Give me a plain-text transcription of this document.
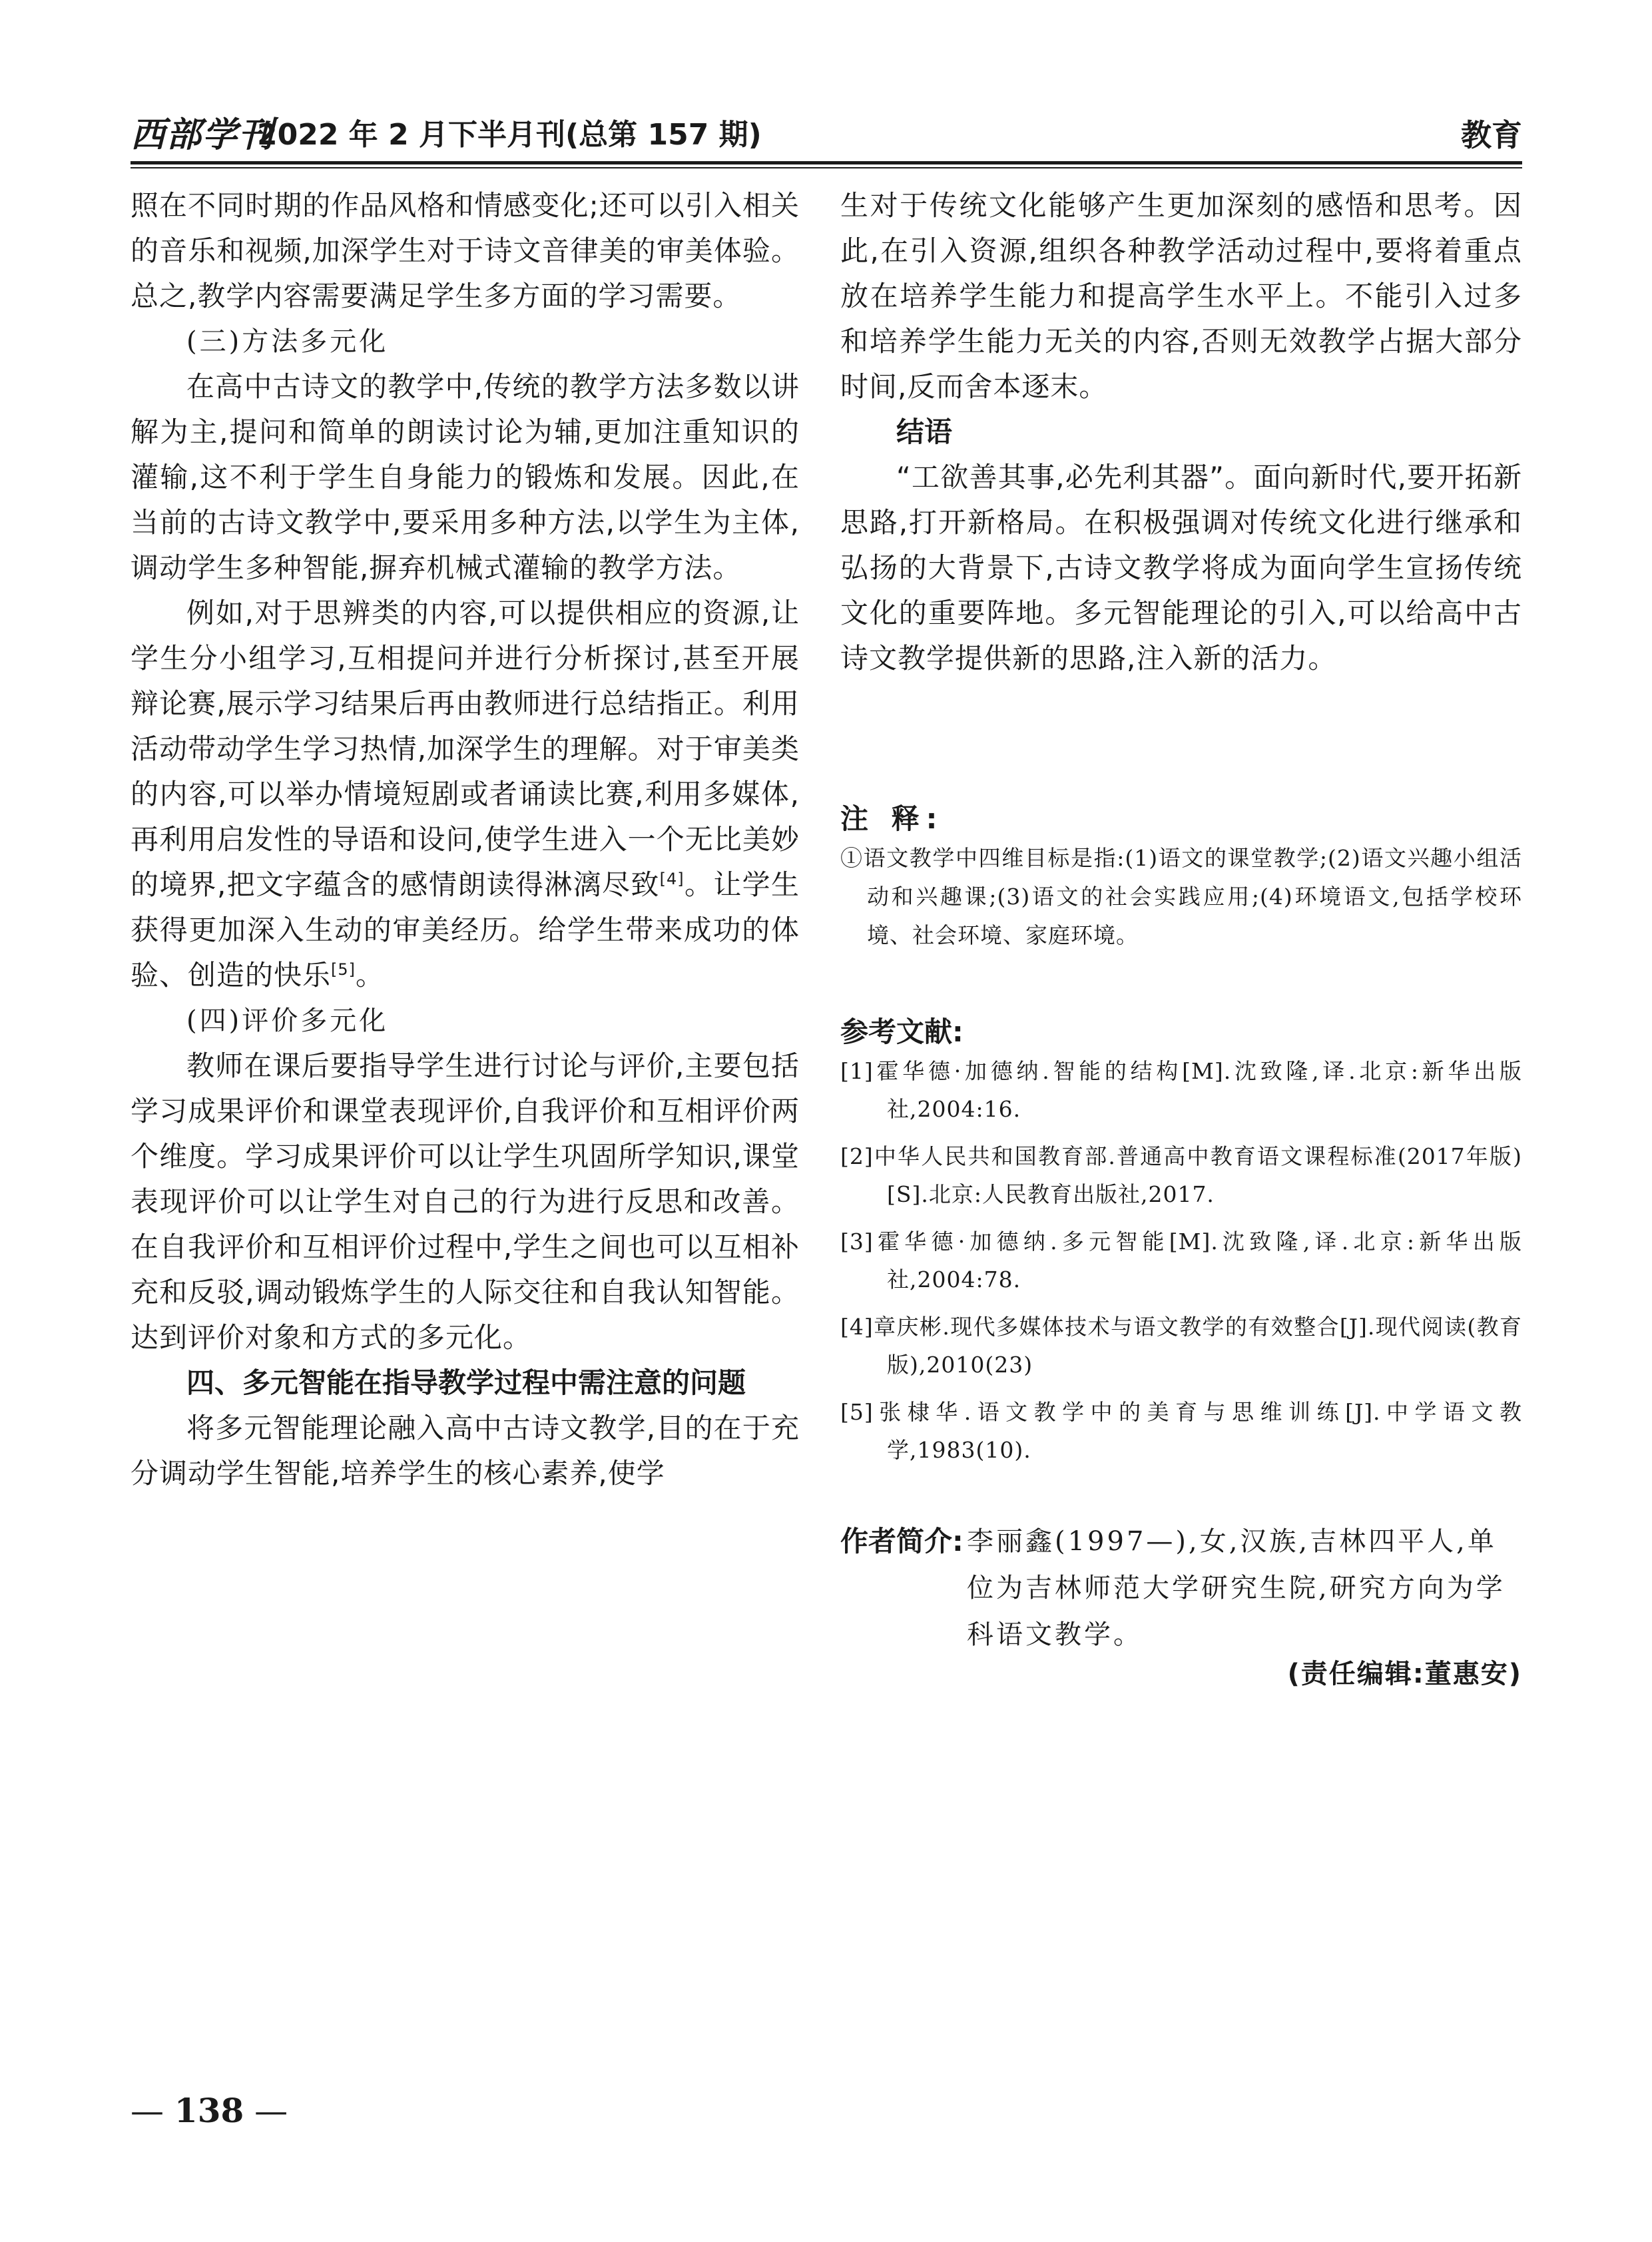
西部学刊
2022 年 2 月下半月刊(总第 157 期)	教育

照在不同时期的作品风格和情感变化;还可以引入相关的音乐和视频,加深学生对于诗文音律美的审美体验。总之,教学内容需要满足学生多方面的学习需要。

(三)方法多元化

在高中古诗文的教学中,传统的教学方法多数以讲解为主,提问和简单的朗读讨论为辅,更加注重知识的灌输,这不利于学生自身能力的锻炼和发展。因此,在当前的古诗文教学中,要采用多种方法,以学生为主体,调动学生多种智能,摒弃机械式灌输的教学方法。

例如,对于思辨类的内容,可以提供相应的资源,让学生分小组学习,互相提问并进行分析探讨,甚至开展辩论赛,展示学习结果后再由教师进行总结指正。利用活动带动学生学习热情,加深学生的理解。对于审美类的内容,可以举办情境短剧或者诵读比赛,利用多媒体,再利用启发性的导语和设问,使学生进入一个无比美妙的境界,把文字蕴含的感情朗读得淋漓尽致[4]。让学生获得更加深入生动的审美经历。给学生带来成功的体验、创造的快乐[5]。

(四)评价多元化

教师在课后要指导学生进行讨论与评价,主要包括学习成果评价和课堂表现评价,自我评价和互相评价两个维度。学习成果评价可以让学生巩固所学知识,课堂表现评价可以让学生对自己的行为进行反思和改善。在自我评价和互相评价过程中,学生之间也可以互相补充和反驳,调动锻炼学生的人际交往和自我认知智能。达到评价对象和方式的多元化。

四、多元智能在指导教学过程中需注意的问题

将多元智能理论融入高中古诗文教学,目的在于充分调动学生智能,培养学生的核心素养,使学

生对于传统文化能够产生更加深刻的感悟和思考。因此,在引入资源,组织各种教学活动过程中,要将着重点放在培养学生能力和提高学生水平上。不能引入过多和培养学生能力无关的内容,否则无效教学占据大部分时间,反而舍本逐末。

结语

“工欲善其事,必先利其器”。面向新时代,要开拓新思路,打开新格局。在积极强调对传统文化进行继承和弘扬的大背景下,古诗文教学将成为面向学生宣扬传统文化的重要阵地。多元智能理论的引入,可以给高中古诗文教学提供新的思路,注入新的活力。

注 释:

①语文教学中四维目标是指:(1)语文的课堂教学;(2)语文兴趣小组活动和兴趣课;(3)语文的社会实践应用;(4)环境语文,包括学校环境、社会环境、家庭环境。

参考文献:

[1]霍华德·加德纳.智能的结构[M].沈致隆,译.北京:新华出版社,2004:16.

[2]中华人民共和国教育部.普通高中教育语文课程标准(2017年版)[S].北京:人民教育出版社,2017.

[3]霍华德·加德纳.多元智能[M].沈致隆,译.北京:新华出版社,2004:78.

[4]章庆彬.现代多媒体技术与语文教学的有效整合[J].现代阅读(教育版),2010(23)

[5]张棣华.语文教学中的美育与思维训练[J].中学语文教学,1983(10).

作者简介: 李丽鑫(1997—),女,汉族,吉林四平人,单位为吉林师范大学研究生院,研究方向为学科语文教学。

(责任编辑:董惠安)
— 138 —
